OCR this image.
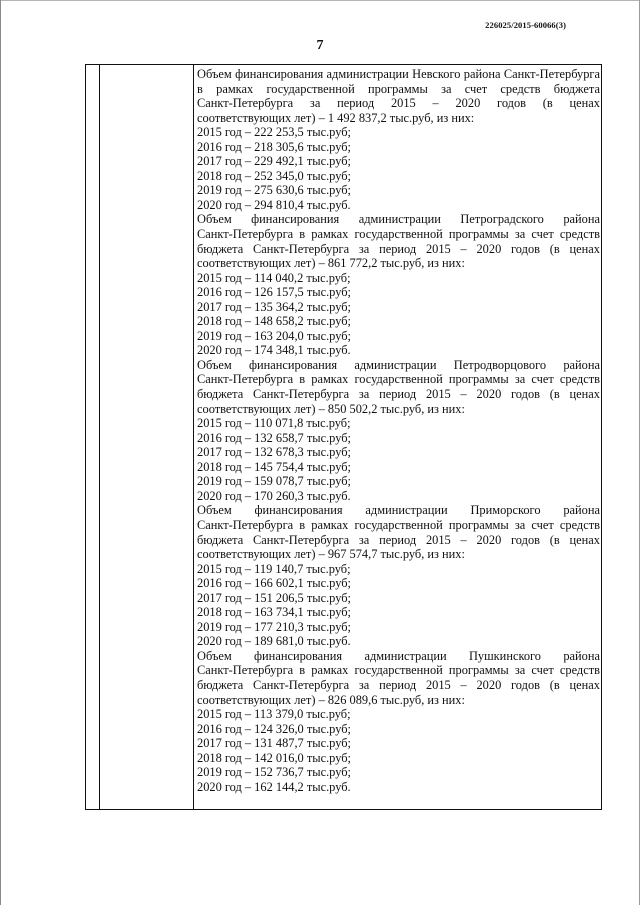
226025/2015-60066(3)
7
Объем финансирования администрации Невского района Санкт-Петербурга
в рамках государственной программы за счет средств бюджета
Санкт-Петербурга за период 2015 – 2020 годов (в ценах
соответствующих лет) – 1 492 837,2 тыс.руб, из них:
2015 год – 222 253,5 тыс.руб;
2016 год – 218 305,6 тыс.руб;
2017 год – 229 492,1 тыс.руб;
2018 год – 252 345,0 тыс.руб;
2019 год – 275 630,6 тыс.руб;
2020 год – 294 810,4 тыс.руб.
Объем финансирования администрации Петроградского района
Санкт-Петербурга в рамках государственной программы за счет средств
бюджета Санкт-Петербурга за период 2015 – 2020 годов (в ценах
соответствующих лет) – 861 772,2 тыс.руб, из них:
2015 год – 114 040,2 тыс.руб;
2016 год – 126 157,5 тыс.руб;
2017 год – 135 364,2 тыс.руб;
2018 год – 148 658,2 тыс.руб;
2019 год – 163 204,0 тыс.руб;
2020 год – 174 348,1 тыс.руб.
Объем финансирования администрации Петродворцового района
Санкт-Петербурга в рамках государственной программы за счет средств
бюджета Санкт-Петербурга за период 2015 – 2020 годов (в ценах
соответствующих лет) – 850 502,2 тыс.руб, из них:
2015 год – 110 071,8 тыс.руб;
2016 год – 132 658,7 тыс.руб;
2017 год – 132 678,3 тыс.руб;
2018 год – 145 754,4 тыс.руб;
2019 год – 159 078,7 тыс.руб;
2020 год – 170 260,3 тыс.руб.
Объем финансирования администрации Приморского района
Санкт-Петербурга в рамках государственной программы за счет средств
бюджета Санкт-Петербурга за период 2015 – 2020 годов (в ценах
соответствующих лет) – 967 574,7 тыс.руб, из них:
2015 год – 119 140,7 тыс.руб;
2016 год – 166 602,1 тыс.руб;
2017 год – 151 206,5 тыс.руб;
2018 год – 163 734,1 тыс.руб;
2019 год – 177 210,3 тыс.руб;
2020 год – 189 681,0 тыс.руб.
Объем финансирования администрации Пушкинского района
Санкт-Петербурга в рамках государственной программы за счет средств
бюджета Санкт-Петербурга за период 2015 – 2020 годов (в ценах
соответствующих лет) – 826 089,6 тыс.руб, из них:
2015 год – 113 379,0 тыс.руб;
2016 год – 124 326,0 тыс.руб;
2017 год – 131 487,7 тыс.руб;
2018 год – 142 016,0 тыс.руб;
2019 год – 152 736,7 тыс.руб;
2020 год – 162 144,2 тыс.руб.
